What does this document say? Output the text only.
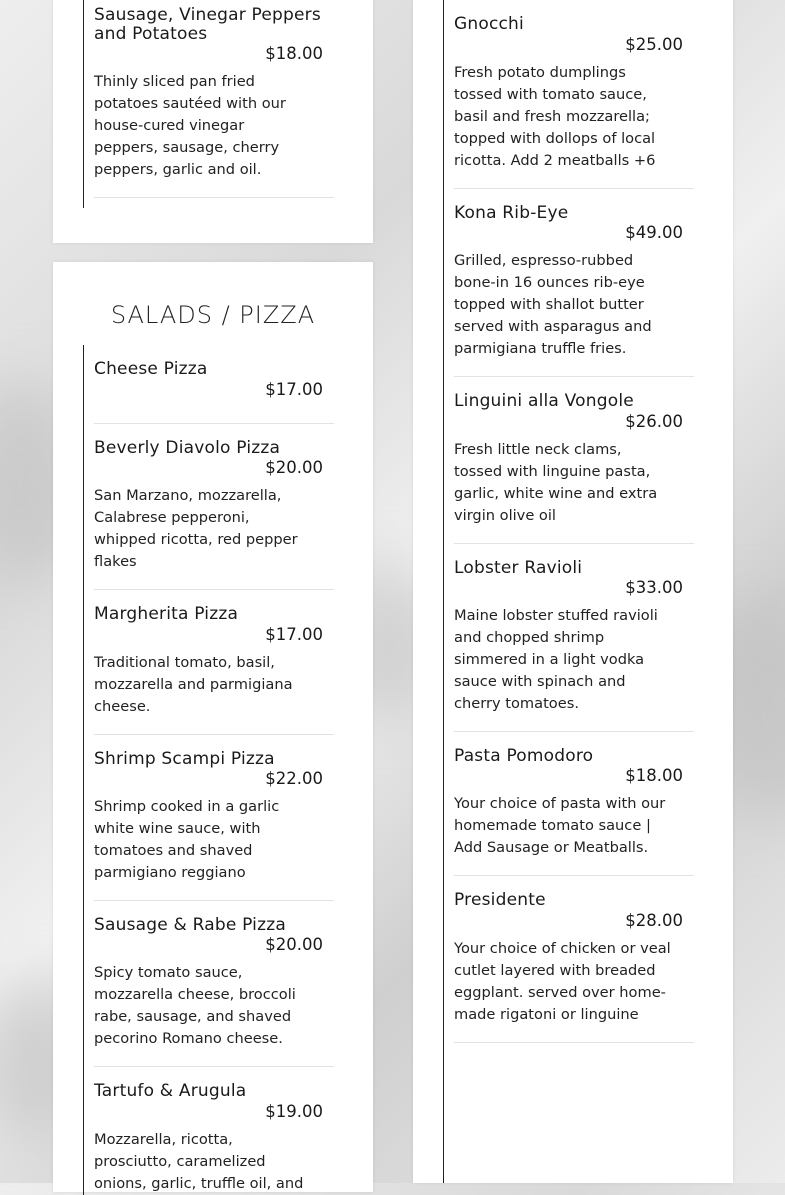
Sausage, Vinegar Peppers and Potatoes
$18.00
Thinly sliced pan fried potatoes sautéed with our house-cured vinegar peppers, sausage, cherry peppers, garlic and oil.
SALADS / PIZZA
Cheese Pizza
$17.00
Beverly Diavolo Pizza
$20.00
San Marzano, mozzarella, Calabrese pepperoni, whipped ricotta, red pepper flakes
Margherita Pizza
$17.00
Traditional tomato, basil, mozzarella and parmigiana cheese.
Shrimp Scampi Pizza
$22.00
Shrimp cooked in a garlic white wine sauce, with tomatoes and shaved parmigiano reggiano
Sausage & Rabe Pizza
$20.00
Spicy tomato sauce, mozzarella cheese, broccoli rabe, sausage, and shaved pecorino Romano cheese.
Tartufo & Arugula
$19.00
Mozzarella, ricotta, prosciutto, caramelized onions, garlic, truffle oil, and
Gnocchi
$25.00
Fresh potato dumplings tossed with tomato sauce, basil and fresh mozzarella; topped with dollops of local ricotta. Add 2 meatballs +6
Kona Rib-Eye
$49.00
Grilled, espresso-rubbed bone-in 16 ounces rib-eye topped with shallot butter served with asparagus and parmigiana truffle fries.
Linguini alla Vongole
$26.00
Fresh little neck clams, tossed with linguine pasta, garlic, white wine and extra virgin olive oil
Lobster Ravioli
$33.00
Maine lobster stuffed ravioli and chopped shrimp simmered in a light vodka sauce with spinach and cherry tomatoes.
Pasta Pomodoro
$18.00
Your choice of pasta with our homemade tomato sauce | Add Sausage or Meatballs.
Presidente
$28.00
Your choice of chicken or veal cutlet layered with breaded eggplant. served over home-made rigatoni or linguine
